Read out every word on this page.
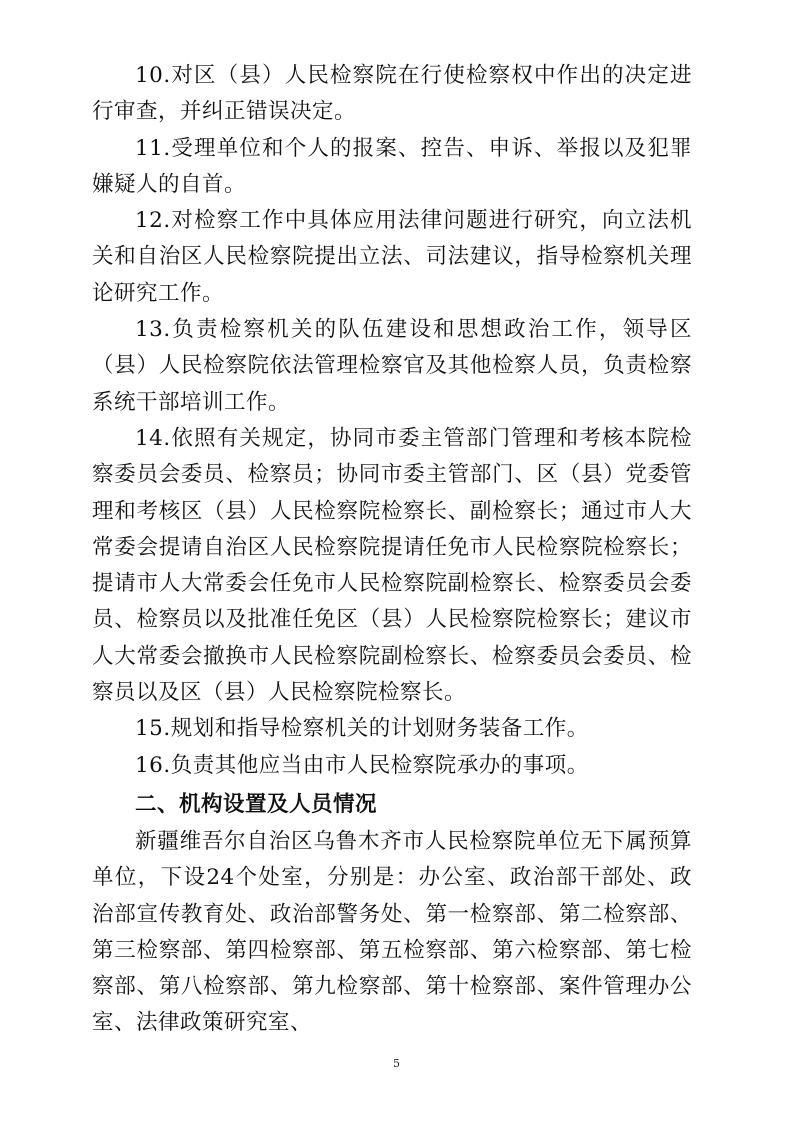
10.对区（县）人民检察院在行使检察权中作出的决定进行审查，并纠正错误决定。

11.受理单位和个人的报案、控告、申诉、举报以及犯罪嫌疑人的自首。

12.对检察工作中具体应用法律问题进行研究，向立法机关和自治区人民检察院提出立法、司法建议，指导检察机关理论研究工作。

13.负责检察机关的队伍建设和思想政治工作，领导区（县）人民检察院依法管理检察官及其他检察人员，负责检察系统干部培训工作。

14.依照有关规定，协同市委主管部门管理和考核本院检察委员会委员、检察员；协同市委主管部门、区（县）党委管理和考核区（县）人民检察院检察长、副检察长；通过市人大常委会提请自治区人民检察院提请任免市人民检察院检察长；提请市人大常委会任免市人民检察院副检察长、检察委员会委员、检察员以及批准任免区（县）人民检察院检察长；建议市人大常委会撤换市人民检察院副检察长、检察委员会委员、检察员以及区（县）人民检察院检察长。

15.规划和指导检察机关的计划财务装备工作。

16.负责其他应当由市人民检察院承办的事项。

二、机构设置及人员情况

新疆维吾尔自治区乌鲁木齐市人民检察院单位无下属预算单位，下设24个处室，分别是：办公室、政治部干部处、政治部宣传教育处、政治部警务处、第一检察部、第二检察部、第三检察部、第四检察部、第五检察部、第六检察部、第七检察部、第八检察部、第九检察部、第十检察部、案件管理办公室、法律政策研究室、

5
